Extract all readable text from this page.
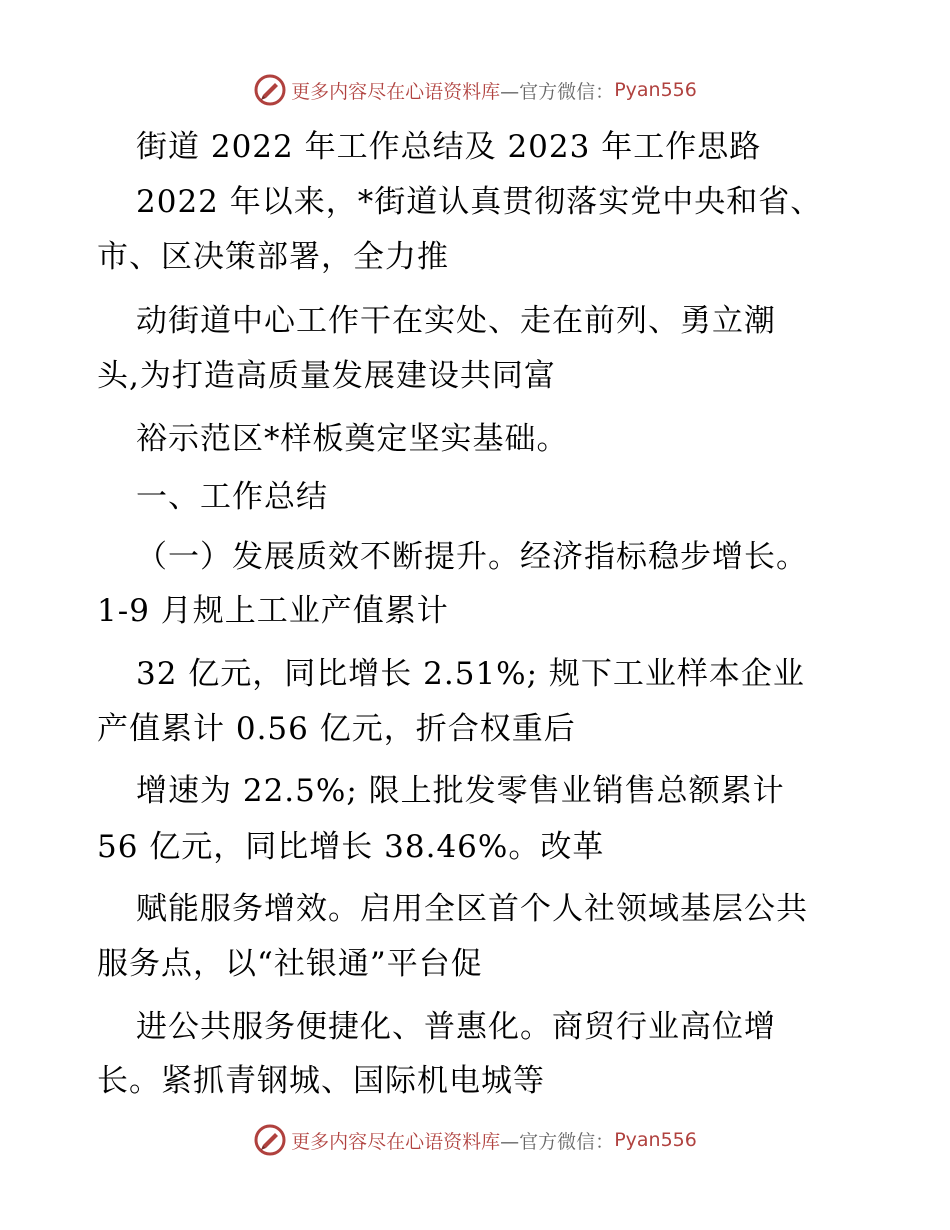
更多内容尽在心语资料库 —官方微信： Pyan556
街道 2022 年工作总结及 2023 年工作思路
2022 年以来，*街道认真贯彻落实党中央和省、
市、区决策部署，全力推
动街道中心工作干在实处、走在前列、勇立潮
头,为打造高质量发展建设共同富
裕示范区*样板奠定坚实基础。
一、工作总结
（一）发展质效不断提升。经济指标稳步增长。
1-9 月规上工业产值累计
32 亿元，同比增长 2.51%; 规下工业样本企业
产值累计 0.56 亿元，折合权重后
增速为 22.5%; 限上批发零售业销售总额累计
56 亿元，同比增长 38.46%。改革
赋能服务增效。启用全区首个人社领域基层公共
服务点，以“社银通”平台促
进公共服务便捷化、普惠化。商贸行业高位增
长。紧抓青钢城、国际机电城等
更多内容尽在心语资料库 —官方微信： Pyan556
